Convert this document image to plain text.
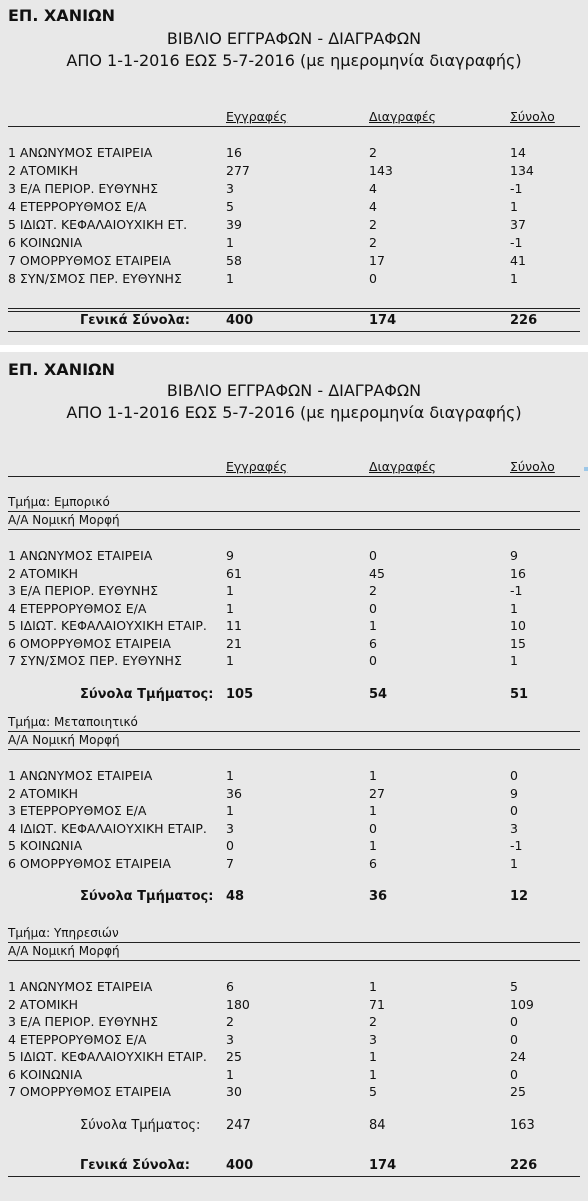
ΕΠ. ΧΑΝΙΩΝ
ΒΙΒΛΙΟ ΕΓΓΡΑΦΩΝ - ΔΙΑΓΡΑΦΩΝ
ΑΠΟ 1-1-2016 ΕΩΣ 5-7-2016 (με ημερομηνία διαγραφής)
Εγγραφές	Διαγραφές	Σύνολο
1 ΑΝΩΝΥΜΟΣ ΕΤΑΙΡΕΙΑ	16	2	14
2 ΑΤΟΜΙΚΗ	277	143	134
3 Ε/Α ΠΕΡΙΟΡ. ΕΥΘΥΝΗΣ	3	4	-1
4 ΕΤΕΡΡΟΡΥΘΜΟΣ Ε/Α	5	4	1
5 ΙΔΙΩΤ. ΚΕΦΑΛΑΙΟΥΧΙΚΗ ΕΤ.	39	2	37
6 ΚΟΙΝΩΝΙΑ	1	2	-1
7 ΟΜΟΡΡΥΘΜΟΣ ΕΤΑΙΡΕΙΑ	58	17	41
8 ΣΥΝ/ΣΜΟΣ ΠΕΡ. ΕΥΘΥΝΗΣ	1	0	1
Γενικά Σύνολα:	400	174	226
ΕΠ. ΧΑΝΙΩΝ
ΒΙΒΛΙΟ ΕΓΓΡΑΦΩΝ - ΔΙΑΓΡΑΦΩΝ
ΑΠΟ 1-1-2016 ΕΩΣ 5-7-2016 (με ημερομηνία διαγραφής)
Εγγραφές	Διαγραφές	Σύνολο
Τμήμα: Εμπορικό
Α/Α Νομική Μορφή
1 ΑΝΩΝΥΜΟΣ ΕΤΑΙΡΕΙΑ	9	0	9
2 ΑΤΟΜΙΚΗ	61	45	16
3 Ε/Α ΠΕΡΙΟΡ. ΕΥΘΥΝΗΣ	1	2	-1
4 ΕΤΕΡΡΟΡΥΘΜΟΣ Ε/Α	1	0	1
5 ΙΔΙΩΤ. ΚΕΦΑΛΑΙΟΥΧΙΚΗ ΕΤΑΙΡ. 11	1	10
6 ΟΜΟΡΡΥΘΜΟΣ ΕΤΑΙΡΕΙΑ	21	6	15
7 ΣΥΝ/ΣΜΟΣ ΠΕΡ. ΕΥΘΥΝΗΣ	1	0	1
Σύνολα Τμήματος: 105	54	51
Τμήμα: Μεταποιητικό
Α/Α Νομική Μορφή
1 ΑΝΩΝΥΜΟΣ ΕΤΑΙΡΕΙΑ	1	1	0
2 ΑΤΟΜΙΚΗ	36	27	9
3 ΕΤΕΡΡΟΡΥΘΜΟΣ Ε/Α	1	1	0
4 ΙΔΙΩΤ. ΚΕΦΑΛΑΙΟΥΧΙΚΗ ΕΤΑΙΡ. 3	0	3
5 ΚΟΙΝΩΝΙΑ	0	1	-1
6 ΟΜΟΡΡΥΘΜΟΣ ΕΤΑΙΡΕΙΑ	7	6	1
Σύνολα Τμήματος: 48	36	12
Τμήμα: Υπηρεσιών
Α/Α Νομική Μορφή
1 ΑΝΩΝΥΜΟΣ ΕΤΑΙΡΕΙΑ	6	1	5
2 ΑΤΟΜΙΚΗ	180	71	109
3 Ε/Α ΠΕΡΙΟΡ. ΕΥΘΥΝΗΣ	2	2	0
4 ΕΤΕΡΡΟΡΥΘΜΟΣ Ε/Α	3	3	0
5 ΙΔΙΩΤ. ΚΕΦΑΛΑΙΟΥΧΙΚΗ ΕΤΑΙΡ. 25	1	24
6 ΚΟΙΝΩΝΙΑ	1	1	0
7 ΟΜΟΡΡΥΘΜΟΣ ΕΤΑΙΡΕΙΑ	30	5	25
Σύνολα Τμήματος: 247	84	163
Γενικά Σύνολα:	400	174	226
